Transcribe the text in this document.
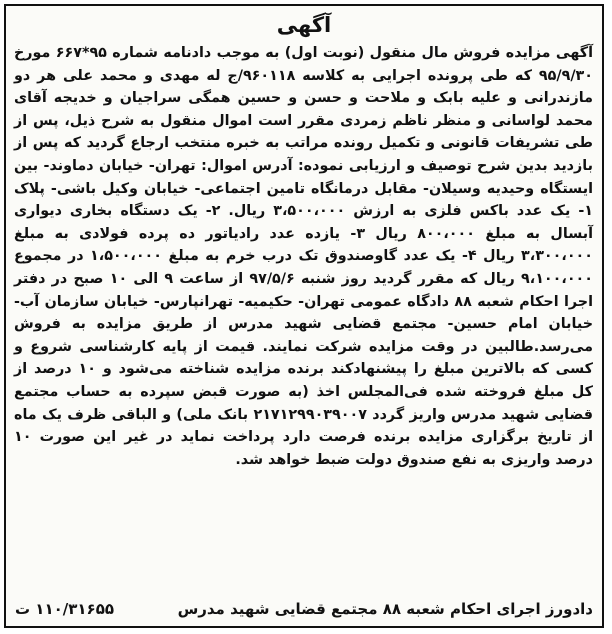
آگهی
آگهی مزایده فروش مال منقول (نوبت اول) به موجب دادنامه شماره ۹۵*۶۶۷ مورخ ۹۵/۹/۳۰ که طی پرونده اجرایی به کلاسه ۹۶۰۱۱۸/ج له مهدی و محمد علی هر دو مازندرانی و علیه بابک و ملاحت و حسن و حسین همگی سراجیان و خدیجه آقای محمد لواسانی و منظر ناظم زمردی مقرر است اموال منقول به شرح ذیل، پس از طی تشریفات قانونی و تکمیل رونده مراتب به خبره منتخب ارجاع گردید که پس از بازدید بدین شرح توصیف و ارزیابی نموده: آدرس اموال: تهران- خیابان دماوند- بین ایستگاه وحیدیه وسیلان- مقابل درمانگاه تامین اجتماعی- خیابان وکیل باشی- پلاک ۱- یک عدد باکس فلزی به ارزش ۳،۵۰۰،۰۰۰ ریال. ۲- یک دستگاه بخاری دیواری آبسال به مبلغ ۸۰۰،۰۰۰ ریال ۳- یازده عدد رادیاتور ده پرده فولادی به مبلغ ۳،۳۰۰،۰۰۰ ریال ۴- یک عدد گاوصندوق تک درب خرم به مبلغ ۱،۵۰۰،۰۰۰ در مجموع ۹،۱۰۰،۰۰۰ ریال که مقرر گردید روز شنبه ۹۷/۵/۶ از ساعت ۹ الی ۱۰ صبح در دفتر اجرا احکام شعبه ۸۸ دادگاه عمومی تهران- حکیمیه- تهرانپارس- خیابان سازمان آب- خیابان امام حسین- مجتمع قضایی شهید مدرس از طریق مزایده به فروش می‌رسد.طالبین در وقت مزایده شرکت نمایند. قیمت از پایه کارشناسی شروع و کسی که بالاترین مبلغ را پیشنهادکند برنده مزایده شناخته می‌شود و ۱۰ درصد از کل مبلغ فروخته شده فی‌المجلس اخذ (به صورت قبض سپرده به حساب مجتمع قضایی شهید مدرس واریز گردد ۲۱۷۱۲۹۹۰۳۹۰۰۷ بانک ملی) و الباقی ظرف یک ماه از تاریخ برگزاری مزایده برنده فرصت دارد پرداخت نماید در غیر این صورت ۱۰ درصد واریزی به نفع صندوق دولت ضبط خواهد شد.
دادورز اجرای احکام شعبه ۸۸ مجتمع قضایی شهید مدرس
۱۱۰/۳۱۶۵۵ ت
